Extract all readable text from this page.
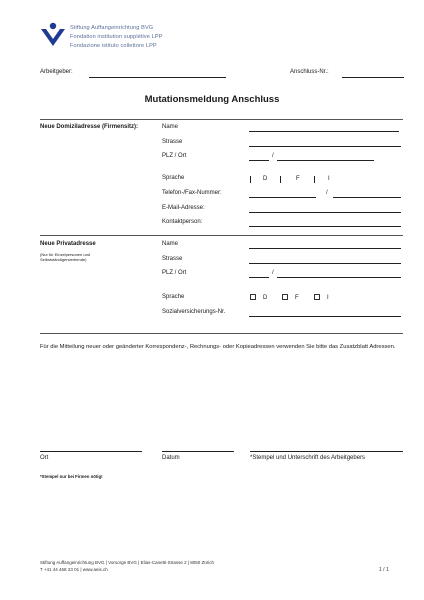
Stiftung Auffangeinrichtung BVG
Fondation institution supplétive LPP
Fondazione istituto collettore LPP
Arbeitgeber:	Anschluss-Nr.:
Mutationsmeldung Anschluss
Neue Domiziladresse (Firmensitz):	Name
Strasse
PLZ / Ort	/
Sprache	D	F	I
Telefon-/Fax-Nummer:	/
E-Mail-Adresse:
Kontaktperson:
Neue Privatadresse
(Nur für Einzelpersonen und Selbstständigerwerbende)
Name
Strasse
PLZ / Ort	/
Sprache	D	F	I
Sozialversicherungs-Nr.
Für die Mitteilung neuer oder geänderter Korrespondenz-, Rechnungs- oder Kopieadressen verwenden Sie bitte das Zusatzblatt Adressen.
Ort	Datum	*Stempel und Unterschrift des Arbeitgebers
*Stempel nur bei Firmen nötig!
Stiftung Auffangeinrichtung BVG | Vorsorge BVG | Elias-Canetti-Strasse 2 | 8050 Zürich
T +41 44 468 23 01 | www.aeis.ch	1 / 1
